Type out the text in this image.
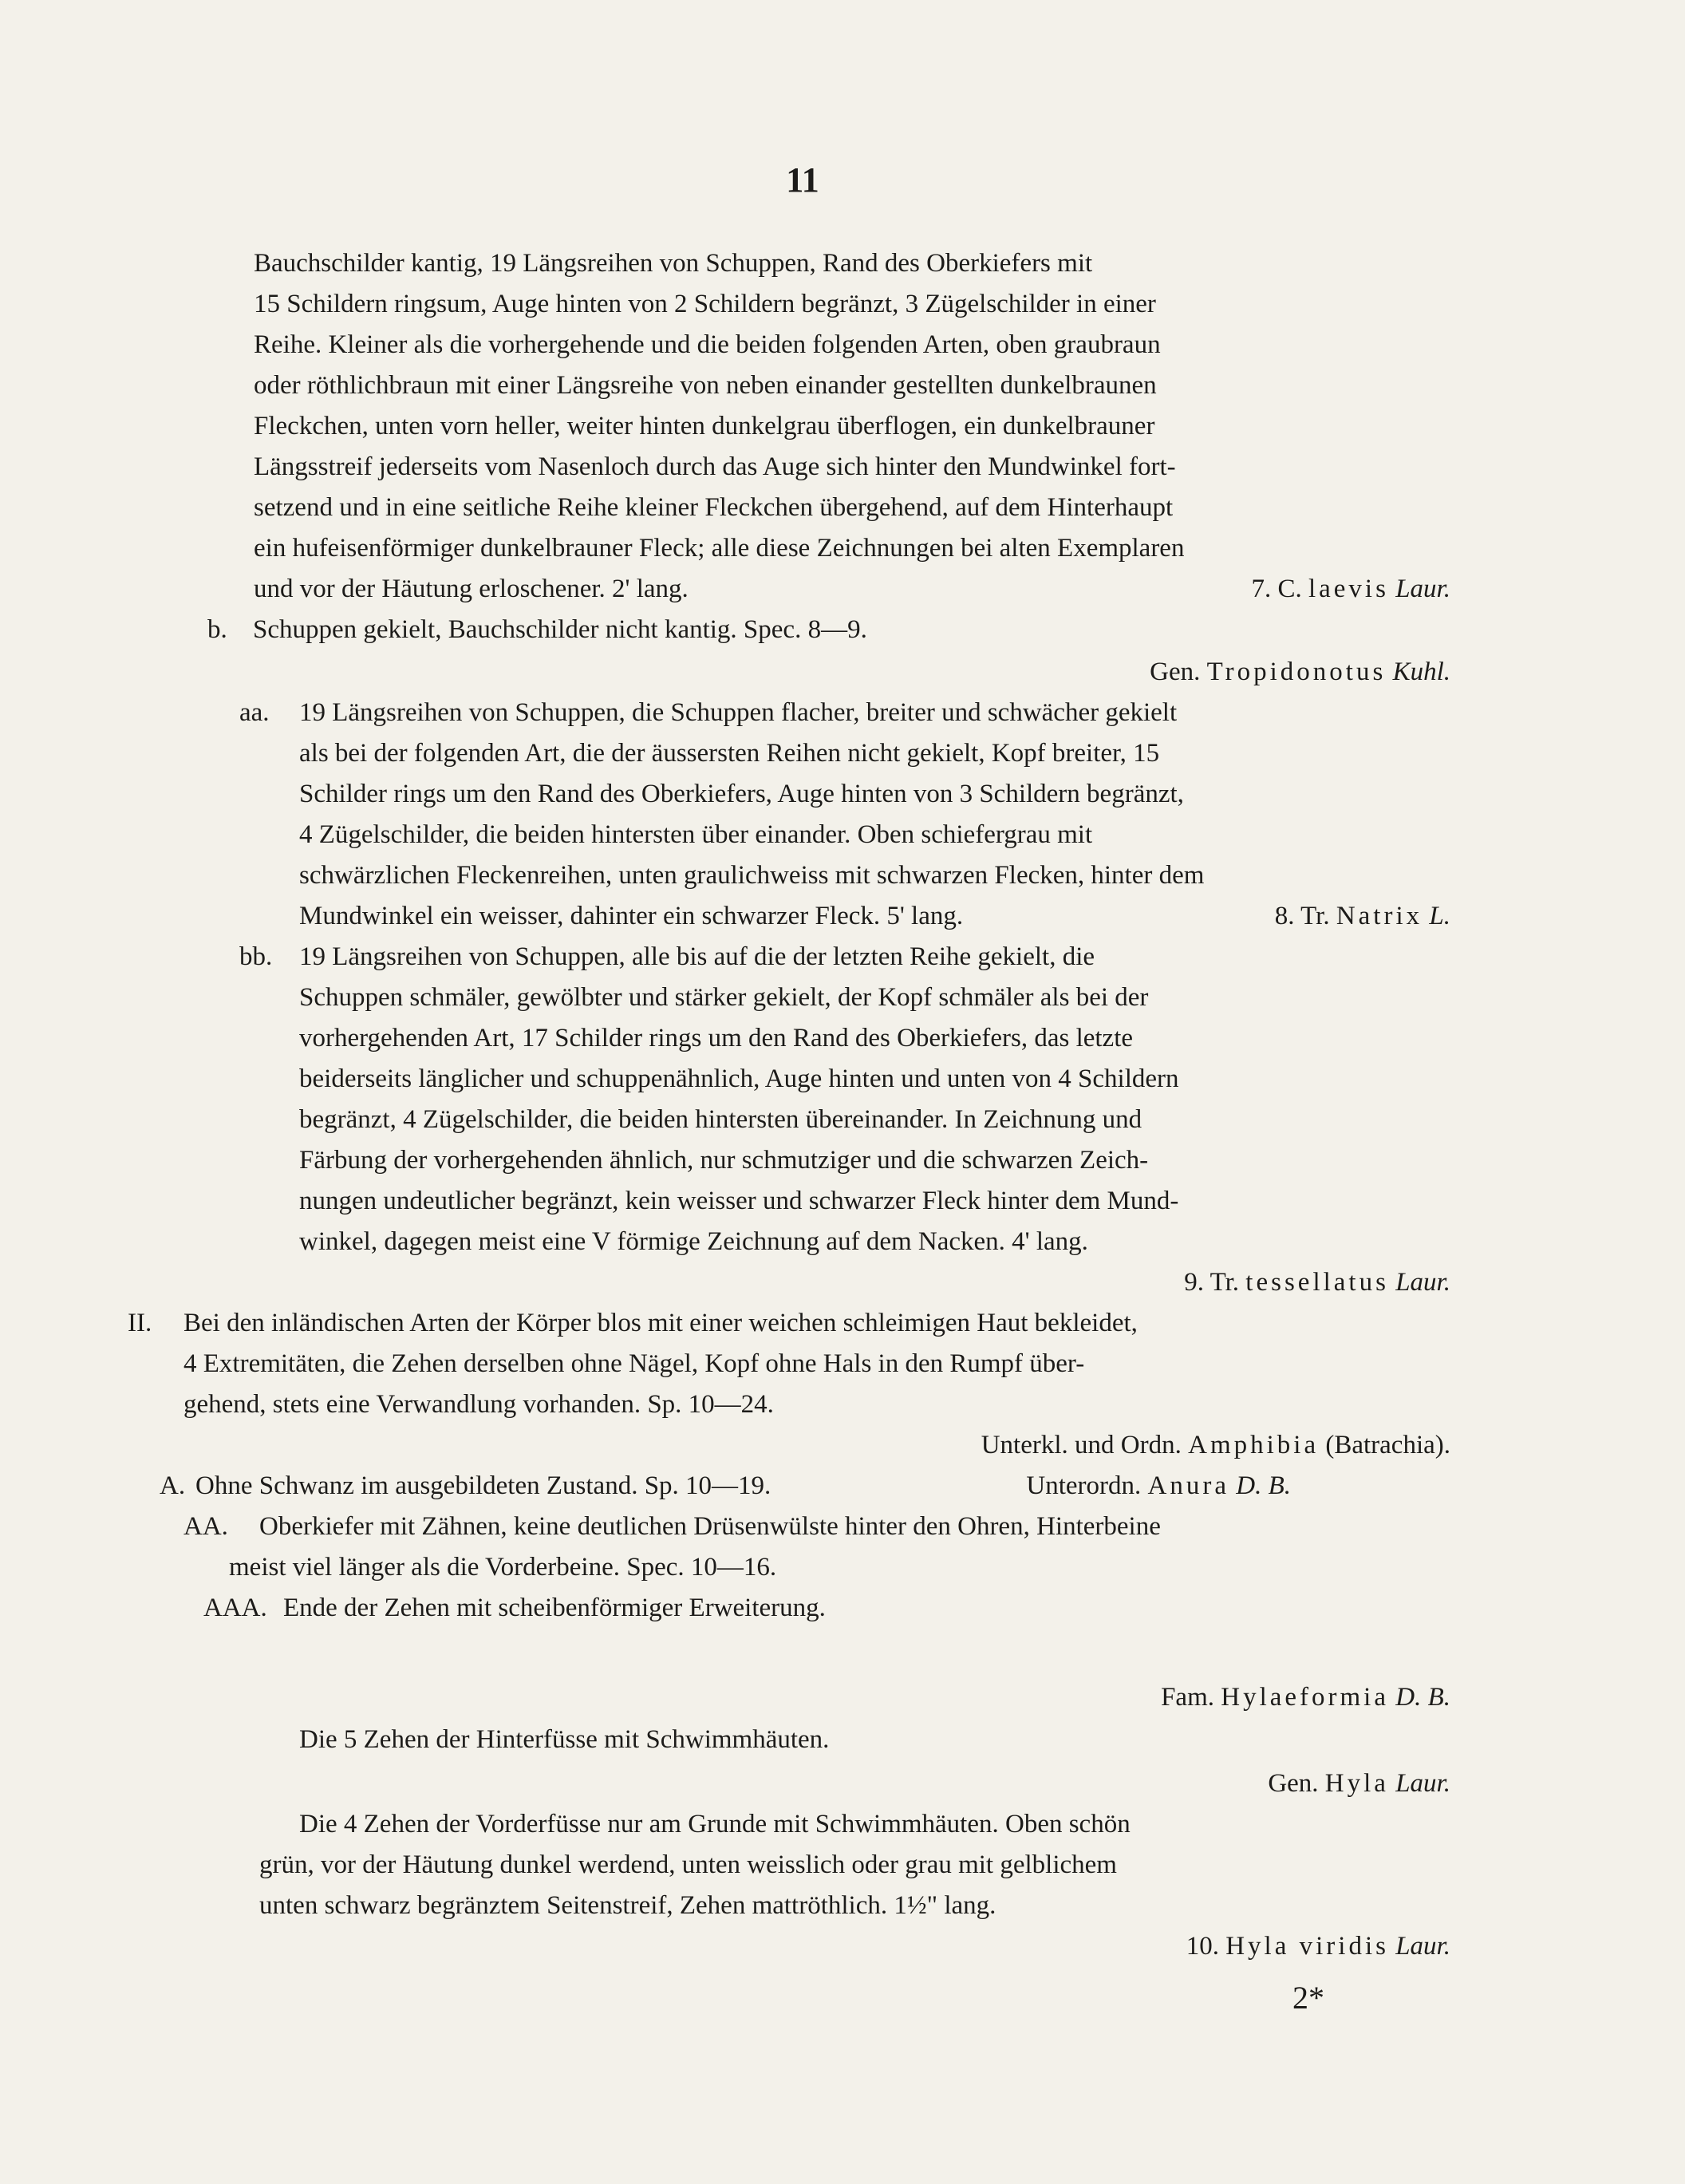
11
Bauchschilder kantig, 19 Längsreihen von Schuppen, Rand des Oberkiefers mit
15 Schildern ringsum, Auge hinten von 2 Schildern begränzt, 3 Zügelschilder in einer
Reihe. Kleiner als die vorhergehende und die beiden folgenden Arten, oben graubraun
oder röthlichbraun mit einer Längsreihe von neben einander gestellten dunkelbraunen
Fleckchen, unten vorn heller, weiter hinten dunkelgrau überflogen, ein dunkelbrauner
Längsstreif jederseits vom Nasenloch durch das Auge sich hinter den Mundwinkel fort-
setzend und in eine seitliche Reihe kleiner Fleckchen übergehend, auf dem Hinterhaupt
ein hufeisenförmiger dunkelbrauner Fleck; alle diese Zeichnungen bei alten Exemplaren
und vor der Häutung erloschener. 2' lang.	7. C. laevis Laur.
b. Schuppen gekielt, Bauchschilder nicht kantig. Spec. 8—9.
Gen. Tropidonotus Kuhl.
aa. 19 Längsreihen von Schuppen, die Schuppen flacher, breiter und schwächer gekielt
als bei der folgenden Art, die der äussersten Reihen nicht gekielt, Kopf breiter, 15
Schilder rings um den Rand des Oberkiefers, Auge hinten von 3 Schildern begränzt,
4 Zügelschilder, die beiden hintersten über einander. Oben schiefergrau mit
schwärzlichen Fleckenreihen, unten graulichweiss mit schwarzen Flecken, hinter dem
Mundwinkel ein weisser, dahinter ein schwarzer Fleck. 5' lang.	8. Tr. Natrix L.
bb. 19 Längsreihen von Schuppen, alle bis auf die der letzten Reihe gekielt, die
Schuppen schmäler, gewölbter und stärker gekielt, der Kopf schmäler als bei der
vorhergehenden Art, 17 Schilder rings um den Rand des Oberkiefers, das letzte
beiderseits länglicher und schuppenähnlich, Auge hinten und unten von 4 Schildern
begränzt, 4 Zügelschilder, die beiden hintersten übereinander. In Zeichnung und
Färbung der vorhergehenden ähnlich, nur schmutziger und die schwarzen Zeich-
nungen undeutlicher begränzt, kein weisser und schwarzer Fleck hinter dem Mund-
winkel, dagegen meist eine V förmige Zeichnung auf dem Nacken. 4' lang.
9. Tr. tessellatus Laur.
II. Bei den inländischen Arten der Körper blos mit einer weichen schleimigen Haut bekleidet,
4 Extremitäten, die Zehen derselben ohne Nägel, Kopf ohne Hals in den Rumpf über-
gehend, stets eine Verwandlung vorhanden. Sp. 10—24.
Unterkl. und Ordn. Amphibia (Batrachia).
A. Ohne Schwanz im ausgebildeten Zustand. Sp. 10—19.	Unterordn. Anura D. B.
AA. Oberkiefer mit Zähnen, keine deutlichen Drüsenwülste hinter den Ohren, Hinterbeine
meist viel länger als die Vorderbeine. Spec. 10—16.
AAA. Ende der Zehen mit scheibenförmiger Erweiterung.
Fam. Hylaeformia D. B.
Die 5 Zehen der Hinterfüsse mit Schwimmhäuten.
Gen. Hyla Laur.
Die 4 Zehen der Vorderfüsse nur am Grunde mit Schwimmhäuten. Oben schön
grün, vor der Häutung dunkel werdend, unten weisslich oder grau mit gelblichem
unten schwarz begränztem Seitenstreif, Zehen mattröthlich. 1½" lang.
10. Hyla viridis Laur.
2*
